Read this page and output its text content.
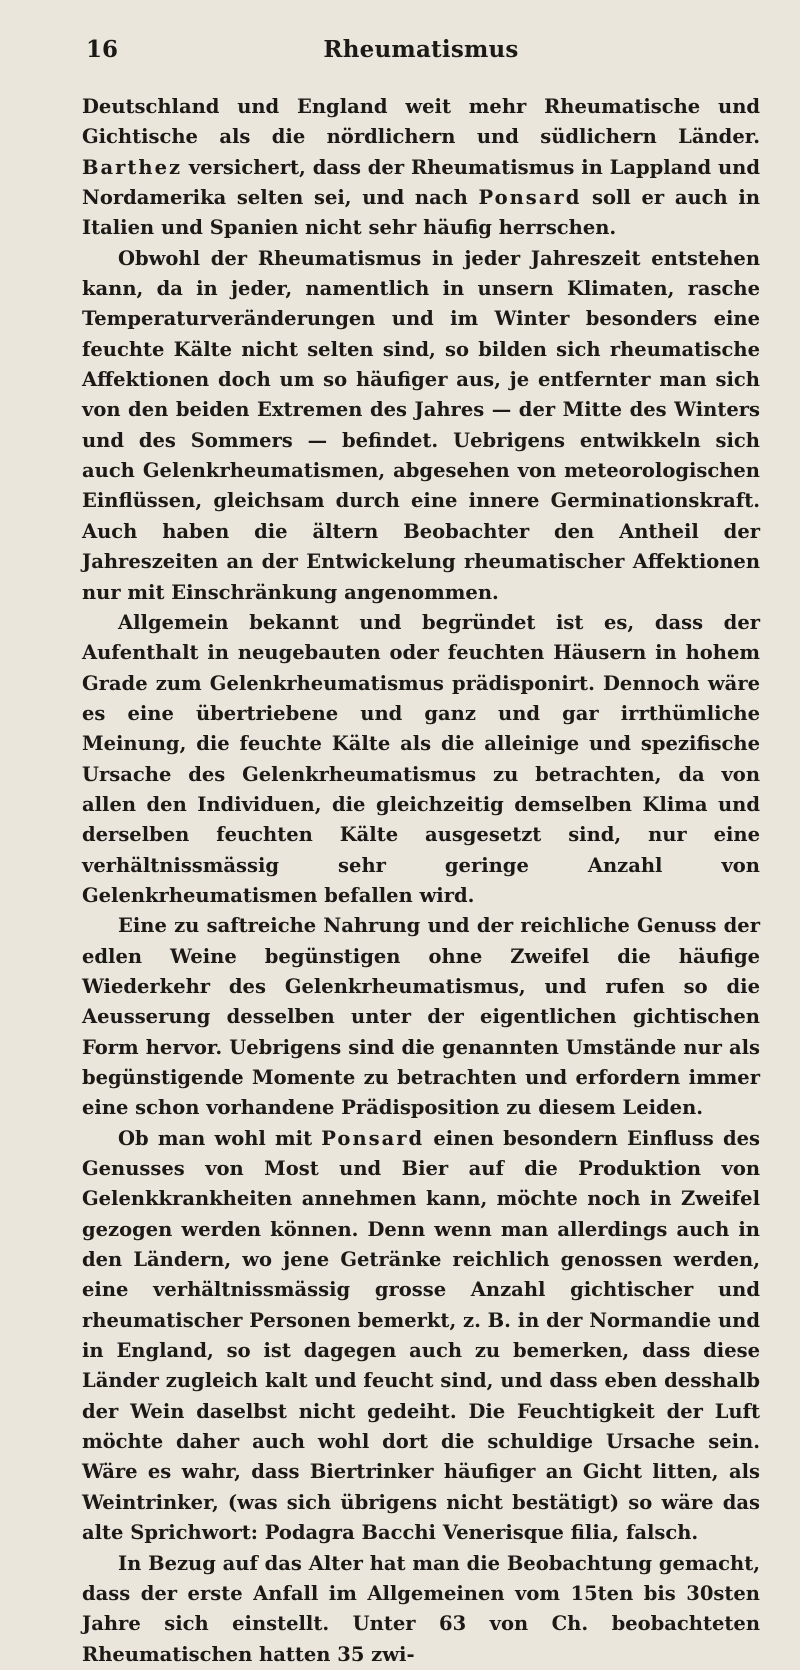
16	Rheumatismus

Deutschland und England weit mehr Rheumatische und Gichtische als die nördlichern und südlichern Länder. Barthez versichert, dass der Rheumatismus in Lappland und Nordamerika selten sei, und nach Ponsard soll er auch in Italien und Spanien nicht sehr häufig herrschen.

Obwohl der Rheumatismus in jeder Jahreszeit entstehen kann, da in jeder, namentlich in unsern Klimaten, rasche Temperaturveränderungen und im Winter besonders eine feuchte Kälte nicht selten sind, so bilden sich rheumatische Affektionen doch um so häufiger aus, je entfernter man sich von den beiden Extremen des Jahres — der Mitte des Winters und des Sommers — befindet. Uebrigens entwikkeln sich auch Gelenkrheumatismen, abgesehen von meteorologischen Einflüssen, gleichsam durch eine innere Germinationskraft. Auch haben die ältern Beobachter den Antheil der Jahreszeiten an der Entwickelung rheumatischer Affektionen nur mit Einschränkung angenommen.

Allgemein bekannt und begründet ist es, dass der Aufenthalt in neugebauten oder feuchten Häusern in hohem Grade zum Gelenkrheumatismus prädisponirt. Dennoch wäre es eine übertriebene und ganz und gar irrthümliche Meinung, die feuchte Kälte als die alleinige und spezifische Ursache des Gelenkrheumatismus zu betrachten, da von allen den Individuen, die gleichzeitig demselben Klima und derselben feuchten Kälte ausgesetzt sind, nur eine verhältnissmässig sehr geringe Anzahl von Gelenkrheumatismen befallen wird.

Eine zu saftreiche Nahrung und der reichliche Genuss der edlen Weine begünstigen ohne Zweifel die häufige Wiederkehr des Gelenkrheumatismus, und rufen so die Aeusserung desselben unter der eigentlichen gichtischen Form hervor. Uebrigens sind die genannten Umstände nur als begünstigende Momente zu betrachten und erfordern immer eine schon vorhandene Prädisposition zu diesem Leiden.

Ob man wohl mit Ponsard einen besondern Einfluss des Genusses von Most und Bier auf die Produktion von Gelenkkrankheiten annehmen kann, möchte noch in Zweifel gezogen werden können. Denn wenn man allerdings auch in den Ländern, wo jene Getränke reichlich genossen werden, eine verhältnissmässig grosse Anzahl gichtischer und rheumatischer Personen bemerkt, z. B. in der Normandie und in England, so ist dagegen auch zu bemerken, dass diese Länder zugleich kalt und feucht sind, und dass eben desshalb der Wein daselbst nicht gedeiht. Die Feuchtigkeit der Luft möchte daher auch wohl dort die schuldige Ursache sein. Wäre es wahr, dass Biertrinker häufiger an Gicht litten, als Weintrinker, (was sich übrigens nicht bestätigt) so wäre das alte Sprichwort: Podagra Bacchi Venerisque filia, falsch.

In Bezug auf das Alter hat man die Beobachtung gemacht, dass der erste Anfall im Allgemeinen vom 15ten bis 30sten Jahre sich einstellt. Unter 63 von Ch. beobachteten Rheumatischen hatten 35 zwi-
